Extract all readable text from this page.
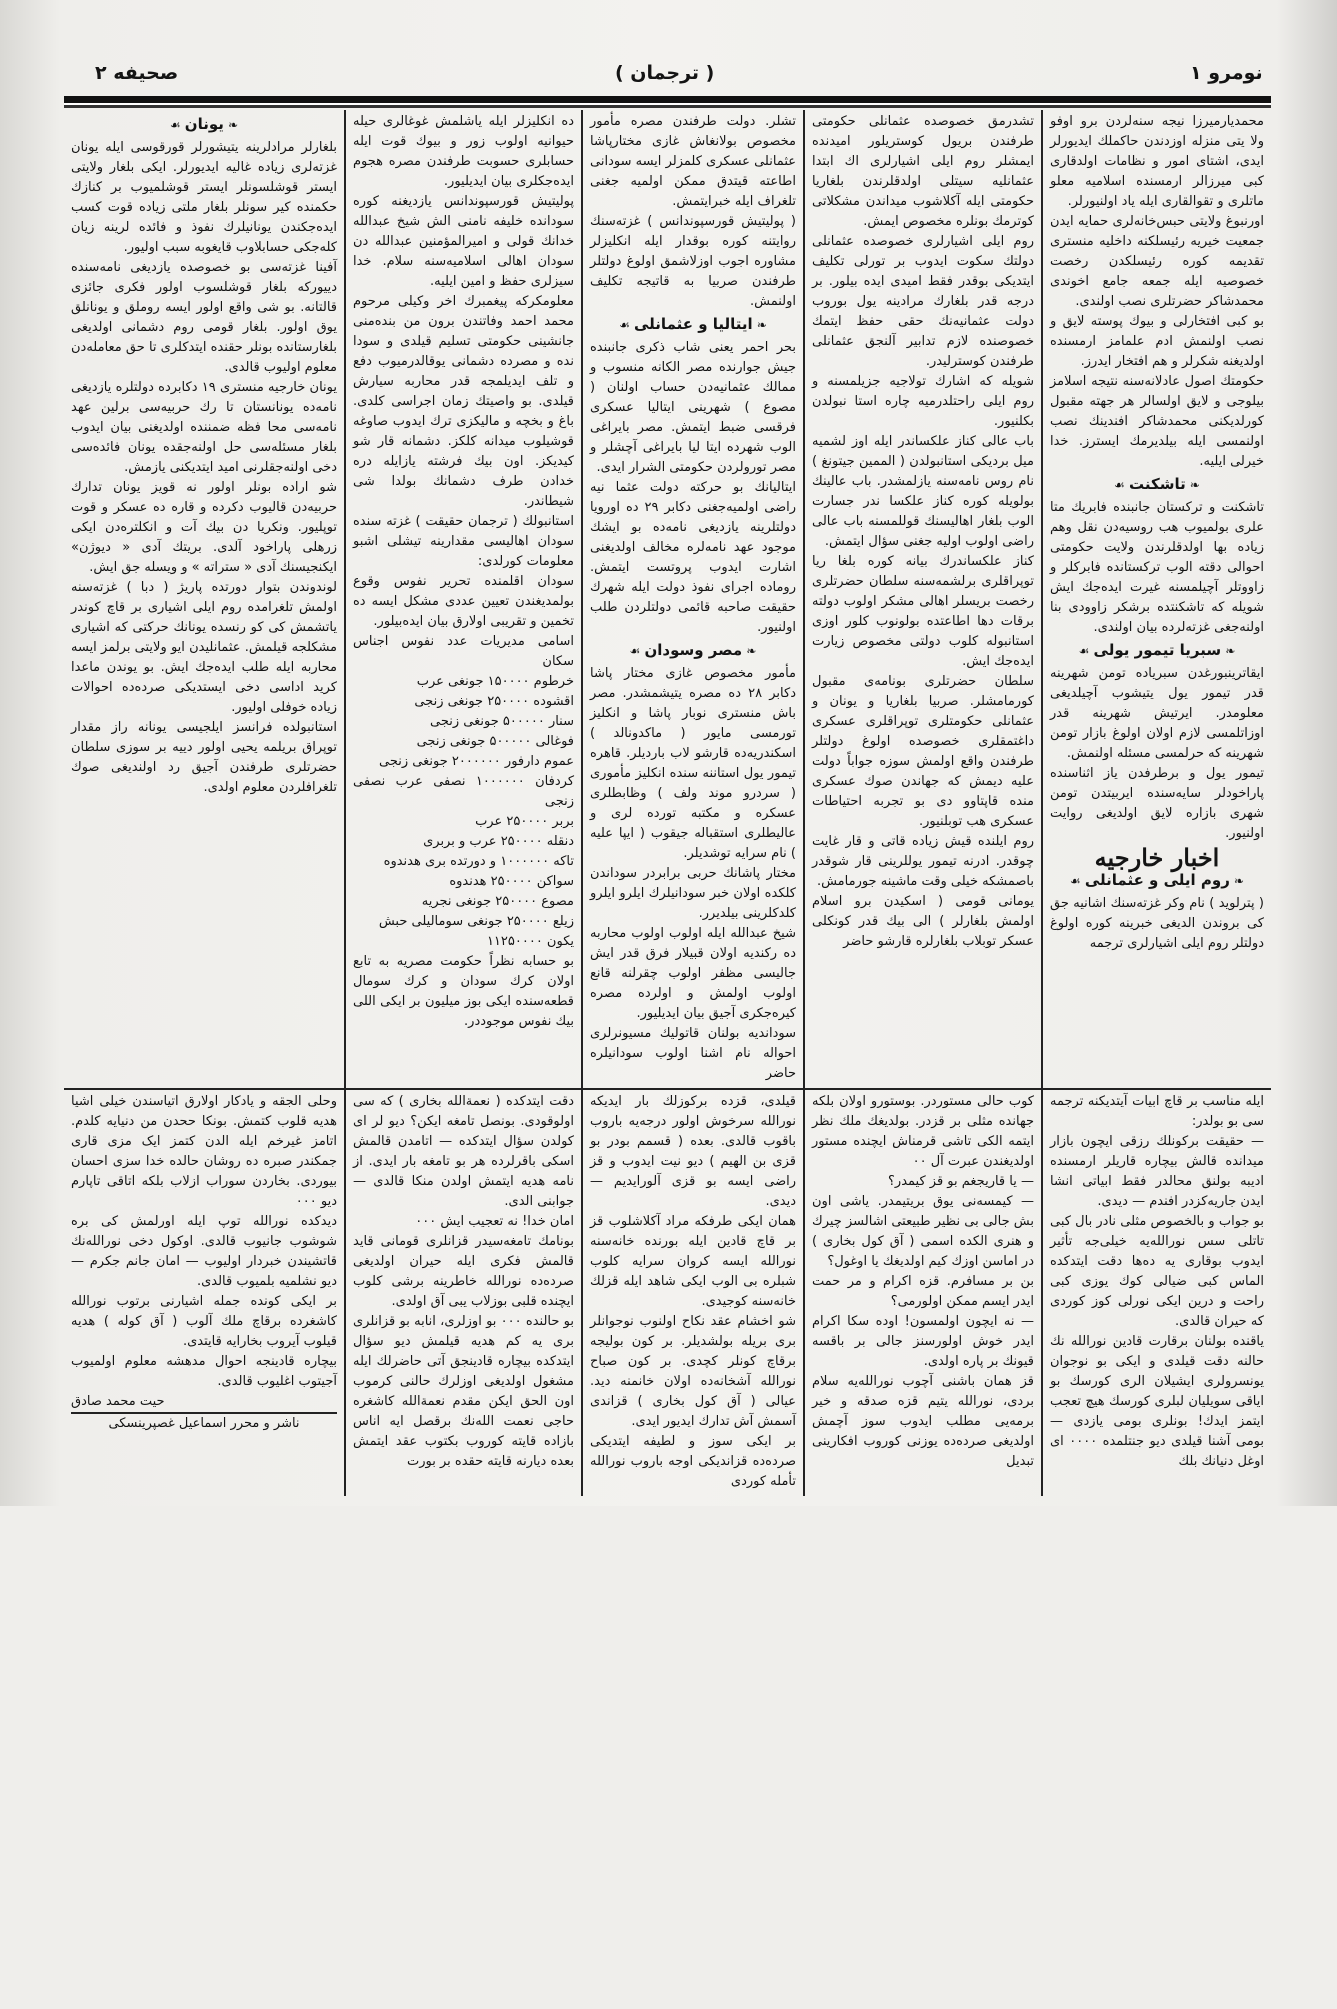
صحیفه ۲	( ترجمان )	نومرو ۱

محمدیارمیرزا نیجه سنه‌لردن برو اوفو ولا یتی منزله اوزدندن حاکملك ایدیورلر ایدی، اشتای امور و نظامات اولدقاری کبی میرزالر ارمسنده اسلامیه معلو ماتلری و تقوالقاری ایله یاد اولنیورلر.

اورنبوغ ولایتی حبس‌خانه‌لری حمایه ایدن جمعیت خیریه رئیسلکنه داخلیه منستری تقدیمه کوره رئیسلکدن رخصت خصوصیه ایله جمعه جامع اخوندی محمدشاکر حضرتلری نصب اولندی.

بو کبی افتخارلی و بیوك پوسته لایق و نصب اولنمش ادم علمامز ارمسنده اولدیغنه شکرلر و هم افتخار ایدرز.

حکومتك اصول عادلانه‌سنه نتیجه اسلامز بیلوجی و لایق اولسالر هر جهته مقبول کورلدیکنی محمدشاکر افندینك نصب اولنمسی ایله بیلدیرمك ایسترز. خدا خیرلی ایلیه.

❧ تاشکنت ☙

تاشکنت و ترکستان جانبنده فابریك متا علری بولمیوب هب روسیه‌دن نقل وهم زیاده بها اولدقلرندن ولایت حکومتی احوالی دقته الوب ترکستانده فابرکلر و زاووتلر آچیلمسنه غیرت ایده‌جك ایش شویله که تاشکنتده برشکر زاوودی بنا اولنه‌جغی غزته‌لرده بیان اولندی.

❧ سبریا تیمور یولی ☙

ایقاترینبورغدن سبریاده تومن شهرینه قدر تیمور یول یتیشوب آچیلدیغی معلومدر. ایرتیش شهرینه قدر اوزاتلمسی لازم اولان اولوغ بازار تومن شهرینه که حرلمسی مسئله اولنمش.

تیمور یول و برطرفدن یاز اثناسنده پاراخودلر سایه‌سنده ایربیتدن تومن شهری بازاره لایق اولدیغی روایت اولنیور.

اخبار خارجیه
❧ روم ایلی و عثمانلی ☙

( پترلوید ) نام وکر غزته‌سنك اشانیه جق کی بروندن الدیغی خبرینه کوره اولوغ دولتلر روم ایلی اشیارلری ترجمه

تشدرمق خصوصده عثمانلی حکومتی طرفندن بریول کوستریلور امیدنده ایمشلر روم ایلی اشیارلری اك ابتدا عثمانلیه سیتلی اولدقلرندن بلغاریا حکومتی ایله آکلاشوب میداندن مشکلاتی کوترمك بونلره مخصوص ایمش.

روم ایلی اشیارلری خصوصده عثمانلی دولتك سکوت ایدوب بر تورلی تکلیف ایتدیکی بوقدر فقط امیدی ایده بیلور. بر درجه قدر بلغارك مرادینه یول بوروب دولت عثمانیه‌نك حقی حفظ ایتمك خصوصنده لازم تدابیر آلنجق عثمانلی طرفندن کوسترلیدر.

شویله که اشارك تولاجیه جزیلمسنه و روم ایلی راحتلدرمیه چاره استا نبولدن بکلنیور.

باب عالی کناز علکساندر ایله اوز لشمیه میل بردیکی استانبولدن ( الممین جیتونغ ) نام روس نامه‌سنه یازلمشدر. باب عالینك بولویله کوره کناز علکسا ندر جسارت الوب بلغار اهالیسنك قوللمسنه باب عالی راضی اولوب اولیه جغنی سؤال ایتمش.

کناز علکساندرك بیانه کوره بلغا ریا توپراقلری برلشمه‌سنه سلطان حضرتلری رخصت بریسلر اهالی مشکر اولوب دولته برقات دها اطاعتده بولونوب کلور اوزی استانبوله کلوب دولتی مخصوص زیارت ایده‌جك ایش.

سلطان حضرتلری بونامه‌ی مقبول کورمامشلر. صربیا بلغاریا و یونان و عثمانلی حکومتلری توپراقلری عسکری داغتمقلری خصوصده اولوغ دولتلر طرفندن واقع اولمش سوزه جواباً دولت علیه دیمش که جهاندن صوك عسکری منده قاپتاوو دی بو تجربه احتیاطات عسکری هب توبلنیور.

روم ایلنده قیش زیاده قاتی و قار غایت چوقدر. ادرنه تیمور یوللرینی قار شوقدر باصمشکه خیلی وقت ماشینه جورمامش.

یومانی قومی ( اسکیدن برو اسلام اولمش بلغارلر ) الی بیك قدر کونکلی عسکر توبلاب بلغارلره قارشو حاضر

تشلر. دولت طرفندن مصره مأمور مخصوص بولانغاش غازی مختارپاشا عثمانلی عسکری کلمزلر ایسه سودانی اطاعته قیتدق ممکن اولمیه جغنی تلغراف ایله خبرایتمش.

( پولیتیش قورسپوندانس ) غزته‌سنك روایتنه کوره بوقدار ایله انکلیزلر مشاوره اجوب اوزلاشمق اولوغ دولتلر طرفندن صربیا به قاتیجه تکلیف اولنمش.

❧ ایتالیا و عثمانلی ☙

بحر احمر یعنی شاب ذکری جانبنده جیش جوارنده مصر الکانه منسوب و ممالك عثمانیه‌دن حساب اولنان ( مصوع ) شهرینی ایتالیا عسکری فرقسی ضبط ایتمش. مصر بایراغی الوب شهرده ایتا لیا بایراغی آچشلر و مصر تورولردن حکومتی الشرار ایدی.

ایتالیانك بو حرکته دولت عثما نیه راضی اولمیه‌جغنی دکابر ۲۹ ده اورویا دولتلرینه یازدیغی نامه‌ده بو ایشك موجود عهد نامه‌لره مخالف اولدیغنی اشارت ایدوب پروتست ایتمش. روماده اجرای نفوذ دولت ایله شهرك حقیقت صاحبه قائمی دولتلردن طلب اولنیور.

❧ مصر وسودان ☙

مأمور مخصوص غازی مختار پاشا دکابر ۲۸ ده مصره یتیشمشدر. مصر باش منستری نوبار پاشا و انکلیز تورمسی مایور ( ماکدونالد ) اسکندریه‌ده قارشو لاب باردیلر. قاهره تیمور یول استاننه سنده انکلیز مأموری ( سردرو موند ولف ) وظابطلری عسکره و مکتبه تورده لری و عالیطلری استقباله جیقوب ( ایپا علیه ) نام سرایه توشدیلر.

مختار پاشانك حربی برابردر سوداندن کلکده اولان خبر سودانیلرك ایلرو ایلرو کلدکلرینی بیلدیرر.

شیخ عبدالله ایله اولوب اولوب محاربه ده رکندیه اولان قبیلار فرق قدر ایش جالیسی مظفر اولوب چقرلنه قانع اولوب اولمش و اولرده مصره کیره‌جکری آجیق بیان ایدیلیور.

سوداندیه بولنان قاتولیك مسیونرلری احواله نام اشنا اولوب سودانیلره حاضر

ده انکلیزلر ایله یاشلمش غوغالری حیله حیوانیه اولوب زور و بیوك قوت ایله حسابلری حسوبت طرفندن مصره هجوم ایده‌جکلری بیان ایدیلیور.

پولیتیش قورسپوندانس یازدیغنه کوره سودانده خلیفه نامنی الش شیخ عبدالله خدانك قولی و امیرالمؤمنین عبدالله دن سودان اهالی اسلامیه‌سنه سلام. خدا سیزلری حفظ و امین ایلیه.

معلومکرکه پیغمبرك اخر وکیلی مرحوم محمد احمد وفاتندن برون من بنده‌منی جانشینی حکومتی تسلیم قیلدی و سودا نده و مصرده دشمانی یوقالدرمیوب دفع و تلف ایدیلمجه قدر محاربه سیارش قیلدی. بو واصیتك زمان اجراسی کلدی. باغ و بخچه و مالیکزی ترك ایدوب صاوغه قوشیلوب میدانه کلکز. دشمانه قار شو کیدیکز. اون بیك فرشته یازایله دره خدادن طرف دشمانك بولدا شی شیطاندر.

استانبولك ( ترجمان حقیقت ) غزته سنده سودان اهالیسی مقدارینه تیشلی اشبو معلومات کورلدی:

سودان اقلمنده تحریر نفوس وقوع بولمدیغندن تعیین عددی مشکل ایسه ده تخمین و تقریبی اولارق بیان ایده‌بیلور.

اسامی مدیریات عدد نفوس اجناس سکان

خرطوم ۱۵۰۰۰۰ جونغی عرب

اقشوده ۲۵۰۰۰۰ جونغی زنجی

سنار ۵۰۰۰۰۰ جونغی زنجی

فوغالی ۵۰۰۰۰۰ جونغی زنجی

عموم دارفور ۲۰۰۰۰۰۰ جونغی زنجی

کردفان ۱۰۰۰۰۰۰ نصفی عرب نصفی زنجی

بربر ۲۵۰۰۰۰ عرب

دنقله ۲۵۰۰۰۰ عرب و بربری

تاکه ۱۰۰۰۰۰۰ و دورتده بری هدندوه

سواکن ۲۵۰۰۰۰ هدندوه

مصوع ۲۵۰۰۰۰ جونغی نجریه

زیلع ۲۵۰۰۰۰ جونغی سومالیلی حبش

یکون ۱۱۲۵۰۰۰۰

بو حسابه نظراً حکومت مصریه به تابع اولان کرك سودان و کرك سومال قطعه‌سنده ایکی بوز میلیون بر ایکی اللی بیك نفوس موجوددر.

❧ یونان ☙

بلغارلر مرادلرینه یتیشورلر قورقوسی ایله یونان غزته‌لری زیاده غالیه ایدیورلر. ایکی بلغار ولایتی ایستر قوشلسونلر ایستر قوشلمیوب بر کنازك حکمنده کیر سونلر بلغار ملتی زیاده قوت کسب ایده‌جکندن یونانیلرك نفوذ و فائده لرینه زیان کله‌جکی حسابلاوب قایغوبه سبب اولیور.

آفینا غزته‌سی بو خصوصده یازدیغی نامه‌سنده دییورکه بلغار قوشلسوب اولور فکری جائزی قالتانه. بو شی واقع اولور ایسه روملق و یونانلق یوق اولور. بلغار قومی روم دشمانی اولدیغی بلغارستانده بونلر حقنده ایتدکلری تا حق معامله‌دن معلوم اولیوب قالدی.

یونان خارجیه منستری ۱۹ دکابرده دولتلره یازدیغی نامه‌ده یونانستان تا رك حربیه‌سی برلین عهد نامه‌سی محا فظه ضمننده اولدیغنی بیان ایدوب بلغار مسئله‌سی حل اولنه‌جقده یونان فائده‌سی دخی اولنه‌جقلرنی امید ایتدیکنی یازمش.

شو اراده بونلر اولور نه قویز یونان تدارك حربیه‌دن قالیوب دکرده و قاره ده عسکر و قوت توپلیور. ونکریا دن بیك آت و انکلتره‌دن ایکی زرهلی پاراخود آلدی. بریتك آدی « دیوژن» ایکنجیسنك آدی « ستراته » و ویسله جق ایش.

لوندوندن بتوار دورتده پاریژ ( دبا ) غزته‌سنه اولمش تلغرامده روم ایلی اشیاری بر قاچ کوندر یاتشمش کی کو رنسده یونانك حرکتی که اشیاری مشکلجه قیلمش. عثمانلیدن ایو ولایتی برلمز ایسه محاربه ایله طلب ایده‌جك ایش. بو یوندن ماعدا کرید اداسی دخی ایستدیکی صرده‌ده احوالات زیاده خوفلی اولیور.

استانبولده فرانسز ایلجیسی یونانه راز مقدار توپراق بریلمه یحیی اولور دییه بر سوزی سلطان حضرتلری طرفندن آجیق رد اولندیغی صوك تلغرافلردن معلوم اولدی.

ایله مناسب بر قاچ ابیات آیتدیکنه ترجمه سی بو بولدر:

— حقیقت برکونلك رزقی ایچون بازار میدانده قالش بیچاره قاریلر ارمسنده ادیبه بولنق محالدر فقط ابیاتی انشا ایدن جاریه‌کزدر افندم — دیدی.

بو جواب و بالخصوص مثلی نادر بال کبی تاتلی سس نورالله‌یه خیلی‌جه تأثیر ایدوب بوقاری یه ده‌ها دقت ایتدکده الماس کبی ضیالی کوك یوزی کبی راحت و درین ایکی نورلی کوز کوردی که حیران قالدی.

یاقنده بولنان برقارت قادین نورالله نك حالنه دقت قیلدی و ایکی بو نوجوان یونسرولری ایشیلان الری کورسك بو ایاقی سویلیان لبلری کورسك هیچ تعجب ایتمز ایدك! بونلری بومی یازدی — بومی آشنا قیلدی دیو جنتلمده ۰۰۰۰ ای اوغل دنیانك بلك

کوب حالی مستوردر. بوستورو اولان بلکه جهانده مثلی بر قزدر. بولدیغك ملك نظر ایتمه الکی تاشی قرمناش ایچنده مستور اولدیغندن عبرت آل ۰۰

— یا قاریجغم بو قز کیمدر؟

— کیمسه‌نی یوق بریتیمدر. یاشی اون بش جالی بی نظیر طبیعتی اشالسز چیرك و هنری الکده اسمی ( آق کول بخاری ) در اماسن اوزك کیم اولدیغك یا اوغول؟

بن بر مسافرم. قزه اکرام و مر حمت ایدر ایسم ممکن اولورمی؟

— نه ایچون اولمسون! اوده سکا اکرام ایدر خوش اولورسنز جالی بر باقسه قیونك بر پاره اولدی.

قز همان باشنی آچوب نورالله‌یه سلام بردی، نورالله یتیم قزه صدقه و خیر برمه‌یی مطلب ایدوب سوز آچمش اولدیغی صرده‌ده یوزنی کوروب افکارینی تبدیل

قیلدی، قزده برکوزلك بار ایدیکه نورالله سرخوش اولور درجه‌یه باروب باقوب قالدی. بعده ( قسمم بودر بو قزی بن الهیم ) دیو نیت ایدوب و قز راضی ایسه بو قزی آلورایدیم — دیدی.

همان ایکی طرفکه مراد آکلاشلوب قز بر قاچ قادین ایله بورنده خانه‌سنه نورالله ایسه کروان سرایه کلوب شبلره بی الوب ایکی شاهد ایله قزلك خانه‌سنه کوجیدی.

شو اخشام عقد نکاح اولنوب نوجوانلر بری بریله بولشدیلر. بر کون بولیجه برقاچ کونلر کچدی. بر کون صباح نورالله آشخانه‌ده اولان خانمنه دید. عیالی ( آق کول بخاری ) قزاندی آسمش آش تدارك ایدیور ایدی.

بر ایکی سوز و لطیفه ایتدیکی صرده‌ده قزاندیکی اوجه باروب نورالله تأمله کوردی

دقت ایتدکده ( نعمةالله بخاری ) که سی اولوقودی. بونصل تامغه ایکن؟ دیو لر ای کولدن سؤال ایتدکده — اتامدن قالمش اسکی باقرلرده هر بو تامغه بار ایدی. از نامه هدیه ایتمش اولدن منکا قالدی — جوابنی الدی.

امان خدا! نه تعجیب ایش ۰۰۰

بونامك تامغه‌سیدر قزانلری قومانی قاید قالمش فکری ایله حیران اولدیغی صرده‌ده نورالله خاطرینه برشی کلوب ایچنده قلبی بوزلاب یبی آق اولدی.

بو حالنده ۰۰۰ بو اوزلری، انابه بو قزانلری بری یه کم هدیه قیلمش دیو سؤال ایتدکده بیچاره قادینجق آتی حاضرلك ایله مشغول اولدیغی اوزلرك حالنی کرموب اون الحق ایکن مقدم نعمةالله كاشغره حاجی نعمت الله‌نك برقصل ایه اناس بازاده قایته کوروب بکتوب عقد ایتمش بعده دیارنه قایته حقده بر بورت

وحلی الجقه و یادکار اولارق اتیاسندن خیلی اشیا هدیه قلوب کتمش. بونکا ححدن من دنیایه کلدم. اتامز غیرخم ایله الدن کتمز ایک مزی قاری جمکندر صبره ده روشان حالده خدا سزی احسان بیوردی. بخاردن سوراب ازلاب بلکه اتاقی تاپارم دیو ۰۰۰

دیدکده نورالله توپ ایله اورلمش کی بره شوشوب جانیوب قالدی. اوکول دخی نورالله‌نك قاتشیندن خبردار اولیوب — امان جانم جکرم — دیو نشلمیه بلمیوب قالدی.

بر ایکی کونده جمله اشیارنی برتوب نورالله کاشغرده برقاچ ملك آلوب ( آق کوله ) هدیه قیلوب آیروب بخارایه قایتدی.

بیچاره قادینجه احوال مدهشه معلوم اولمیوب آجیتوب اغلیوب قالدی.

حیت محمد صادق

ناشر و محرر اسماعیل غصپرینسکی
